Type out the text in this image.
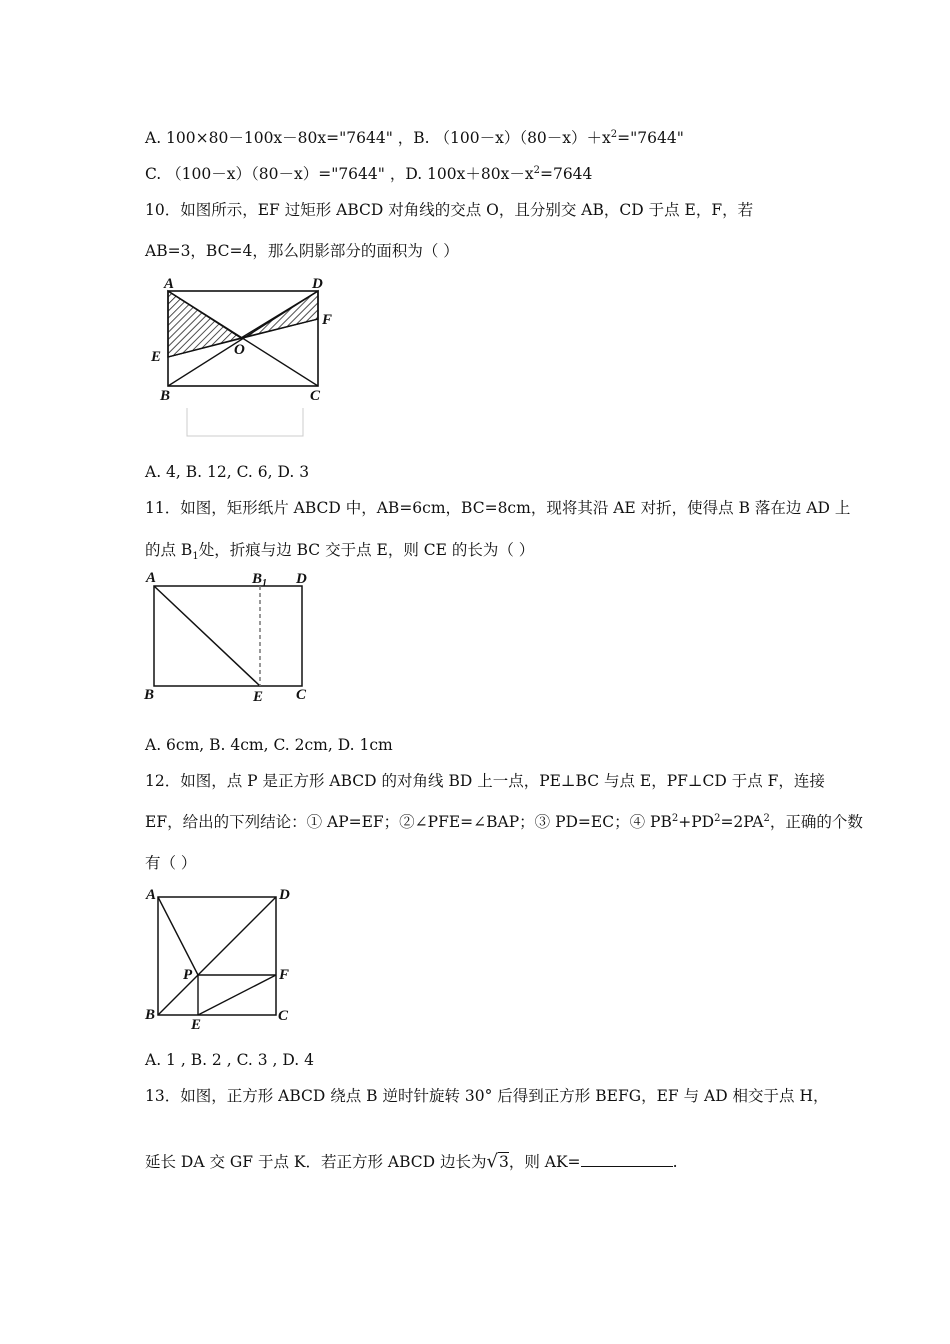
A. 100×80－100x－80x="7644" ，B. $(100-x)(80-x)+x^2="7644$"
C. （100－x）（80－x）="7644" ，D. $100x+80x-x^2=7644$
10．如图所示，EF 过矩形 ABCD 对角线的交点 O，且分别交 AB，CD 于点 E，F，若
AB=3，BC=4，那么阴影部分的面积为（ ）
A	D
F
E	O
B	C
A. 4, B. 12, C. 6, D. 3
11．如图，矩形纸片 ABCD 中，AB=6cm，BC=8cm，现将其沿 AE 对折，使得点 B 落在边 AD 上
的点 $B_1$处，折痕与边 BC 交于点 E，则 CE 的长为（ ）
A	$B_1$ D
B	E C
A. 6cm, B. 4cm, C. 2cm, D. 1cm
12．如图，点 P 是正方形 ABCD 的对角线 BD 上一点，PE⊥BC 与点 E，PF⊥CD 于点 F，连接
EF，给出的下列结论：① AP=EF；②∠PFE=∠BAP；③ PD=EC；④ $PB^2+PD^2=2PA^2$，正确的个数
有（ ）
A	D
P	F
B
E
C
A. 1 , B. 2 , C. 3 , D. 4
13．如图，正方形 ABCD 绕点 B 逆时针旋转 30° 后得到正方形 BEFG，EF 与 AD 相交于点 H，
延长 DA 交 GF 于点 K．若正方形 ABCD 边长为√3，则 AK=	.
